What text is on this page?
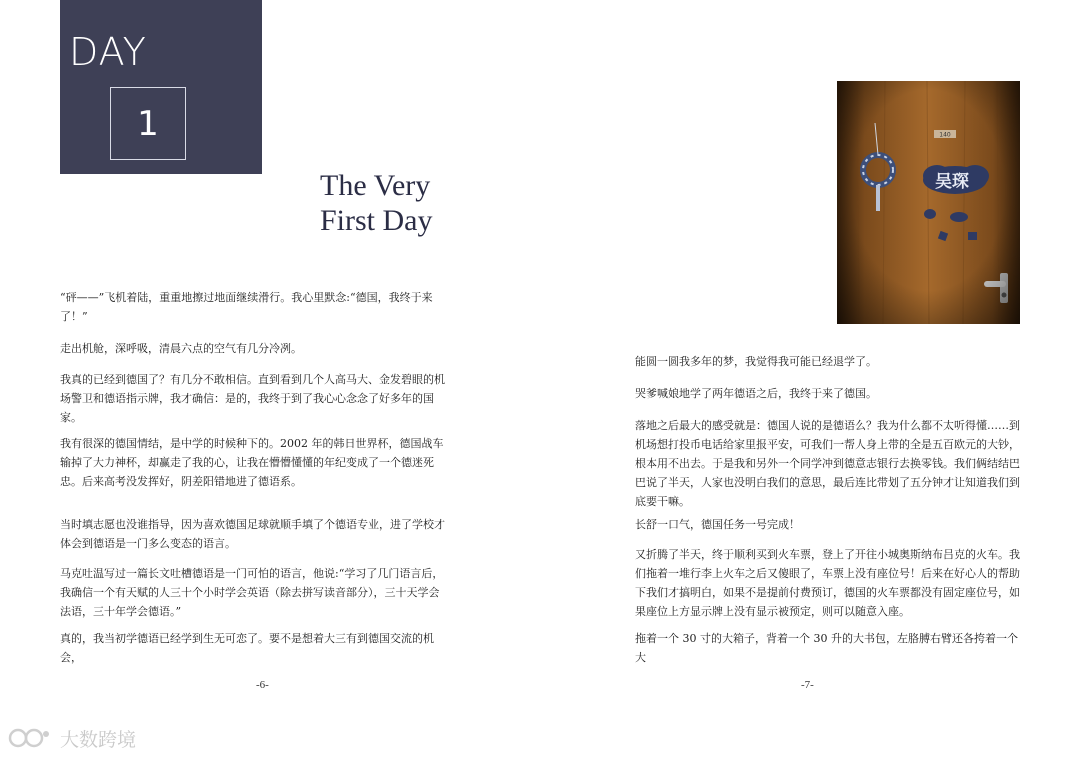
DAY
1
The Very
First Day

“砰——”飞机着陆，重重地擦过地面继续滑行。我心里默念:“德国，我终于来了！”

走出机舱，深呼吸，清晨六点的空气有几分冷冽。

我真的已经到德国了？有几分不敢相信。直到看到几个人高马大、金发碧眼的机场警卫和德语指示牌，我才确信：是的，我终于到了我心心念念了好多年的国家。

我有很深的德国情结，是中学的时候种下的。2002 年的韩日世界杯，德国战车输掉了大力神杯，却赢走了我的心，让我在懵懵懂懂的年纪变成了一个德迷死忠。后来高考没发挥好，阴差阳错地进了德语系。

当时填志愿也没谁指导，因为喜欢德国足球就顺手填了个德语专业，进了学校才体会到德语是一门多么变态的语言。

马克吐温写过一篇长文吐槽德语是一门可怕的语言，他说:“学习了几门语言后，我确信一个有天赋的人三十个小时学会英语（除去拼写读音部分），三十天学会法语，三十年学会德语。”

真的，我当初学德语已经学到生无可恋了。要不是想着大三有到德国交流的机会，

-6-

能圆一圆我多年的梦，我觉得我可能已经退学了。

哭爹喊娘地学了两年德语之后，我终于来了德国。

落地之后最大的感受就是：德国人说的是德语么？我为什么都不太听得懂……到机场想打投币电话给家里报平安，可我们一帮人身上带的全是五百欧元的大钞，根本用不出去。于是我和另外一个同学冲到德意志银行去换零钱。我们俩结结巴巴说了半天，人家也没明白我们的意思，最后连比带划了五分钟才让知道我们到底要干嘛。

长舒一口气，德国任务一号完成！

又折腾了半天，终于顺利买到火车票，登上了开往小城奥斯纳布吕克的火车。我们拖着一堆行李上火车之后又傻眼了，车票上没有座位号！后来在好心人的帮助下我们才搞明白，如果不是提前付费预订，德国的火车票都没有固定座位号，如果座位上方显示牌上没有显示被预定，则可以随意入座。

拖着一个 30 寸的大箱子，背着一个 30 升的大书包，左胳膊右臂还各挎着一个大

-7-
大数跨境
